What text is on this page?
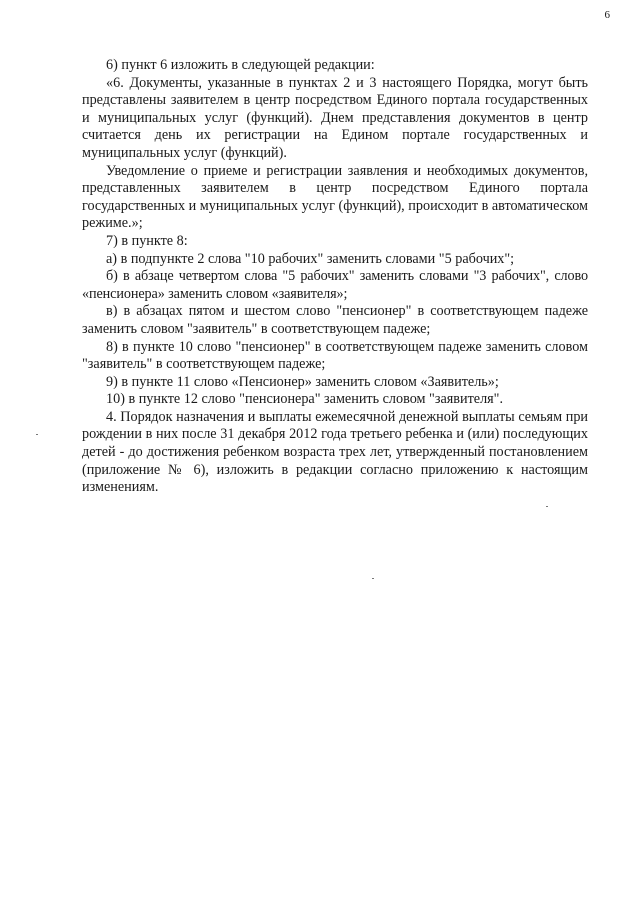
6

6) пункт 6 изложить в следующей редакции:

«6. Документы, указанные в пунктах 2 и 3 настоящего Порядка, могут быть представлены заявителем в центр посредством Единого портала государственных и муниципальных услуг (функций). Днем представления документов в центр считается день их регистрации на Едином портале государственных и муниципальных услуг (функций).

Уведомление о приеме и регистрации заявления и необходимых документов, представленных заявителем в центр посредством Единого портала государственных и муниципальных услуг (функций), происходит в автоматическом режиме.»;

7) в пункте 8:

а) в подпункте 2 слова "10 рабочих" заменить словами "5 рабочих";

б) в абзаце четвертом слова "5 рабочих" заменить словами "3 рабочих", слово «пенсионера» заменить словом «заявителя»;

в) в абзацах пятом и шестом слово "пенсионер" в соответствующем падеже заменить словом "заявитель" в соответствующем падеже;

8) в пункте 10 слово "пенсионер" в соответствующем падеже заменить словом "заявитель" в соответствующем падеже;

9) в пункте 11 слово «Пенсионер» заменить словом «Заявитель»;

10) в пункте 12 слово "пенсионера" заменить словом "заявителя".

4. Порядок назначения и выплаты ежемесячной денежной выплаты семьям при рождении в них после 31 декабря 2012 года третьего ребенка и (или) последующих детей - до достижения ребенком возраста трех лет, утвержденный постановлением (приложение № 6), изложить в редакции согласно приложению к настоящим изменениям.
